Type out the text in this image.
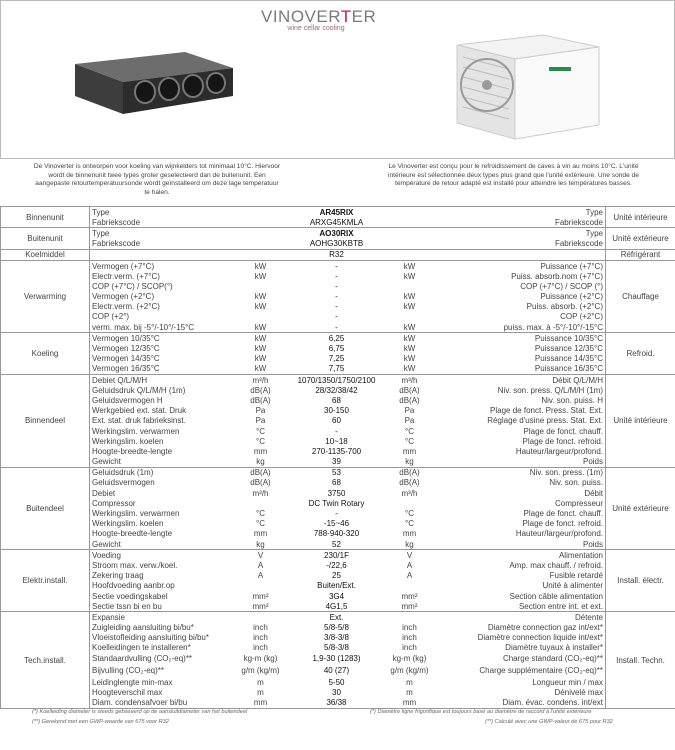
VINOVERTER
wine cellar cooling
De Vinoverter is ontworpen voor koeling van wijnkelders tot minimaal 10°C. Hiervoor wordt de binnenunit twee types groter geselecteerd dan de buitenunit. Een aangepaste retourtemperatuursonde wordt geïnstalleerd om deze lage temperatuur te halen.
Le Vinoverter est conçu pour le refroidissement de caves à vin au moins 10°C. L'unité intérieure est sélectionnée deux types plus grand que l'unité extérieure. Une sonde de température de retour adapté est installé pour atteindre les températures basses.
Binnenunit	Type		AR45RIX		Type	Unité intérieure
	Fabriekscode		ARXG45KMLA		Fabriekscode	
Buitenunit	Type		AO30RIX		Type	Unité extérieure
	Fabriekscode		AOHG30KBTB		Fabriekscode	
Koelmiddel			R32			Réfrigérant
Verwarming	Vermogen (+7°C)	kW	-	kW	Puissance (+7°C)	Chauffage
	Electr.verm. (+7°C)	kW	-	kW	Puiss. absorb.nom (+7°C)	
	COP (+7°C) / SCOP(°)		-		COP (+7°C) / SCOP (°)	
	Vermogen (+2°C)	kW	-	kW	Puissance (+2°C)	
	Electr.verm. (+2°C)	kW	-	kW	Puiss. absorb. (+2°C)	
	COP (+2°)		-		COP (+2°C)	
	verm. max. bij -5°/-10°/-15°C	kW	-	kW	puiss. max. à -5°/-10°/-15°C	
Koeling	Vermogen 10/35°C	kW	6,25	kW	Puissance 10/35°C	Refroid.
	Vermogen 12/35°C	kW	6,75	kW	Puissance 12/35°C	
	Vermogen 14/35°C	kW	7,25	kW	Puissance 14/35°C	
	Vermogen 16/35°C	kW	7,75	kW	Puissance 16/35°C	
Binnendeel	Debiet Q/L/M/H	m³/h	1070/1350/1750/2100	m³/h	Débit Q/L/M/H	Unité intérieure
	Geluidsdruk Q/L/M/H (1m)	dB(A)	28/32/38/42	dB(A)	Niv. son. press. Q/L/M/H (1m)	
	Geluidsvermogen H	dB(A)	68	dB(A)	Niv. son. puiss. H	
	Werkgebied ext. stat. Druk	Pa	30-150	Pa	Plage de fonct. Press. Stat. Ext.	
	Ext. stat. druk fabrieksinst.	Pa	60	Pa	Réglage d'usine press. Stat. Ext.	
	Werkingslim. verwarmen	°C	-	°C	Plage de fonct. chauff.	
	Werkingslim. koelen	°C	10~18	°C	Plage de fonct. refroid.	
	Hoogte-breedte-lengte	mm	270-1135-700	mm	Hauteur/largeur/profond.	
	Gewicht	kg	39	kg	Poids	
Buitendeel	Geluidsdruk (1m)	dB(A)	53	dB(A)	Niv. son. press. (1m)	Unité extérieure
	Geluidsvermogen	dB(A)	68	dB(A)	Niv. son. puiss.	
	Debiet	m³/h	3750	m³/h	Débit	
	Compressor		DC Twin Rotary		Compresseur	
	Werkingslim. verwarmen	°C	-	°C	Plage de fonct. chauff.	
	Werkingslim. koelen	°C	-15~46	°C	Plage de fonct. refroid.	
	Hoogte-breedte-lengte	mm	788-940-320	mm	Hauteur/largeur/profond.	
	Gewicht	kg	52	kg	Poids	
Elektr.install.	Voeding	V	230/1F	V	Alimentation	Install. électr.
	Stroom max. verw./koel.	A	-/22,6	A	Amp. max chauff. / refroid.	
	Zekering traag	A	25	A	Fusible retardé	
	Hoofdvoeding aanbr.op		Buiten/Ext.		Unité à alimenter	
	Sectie voedingskabel	mm²	3G4	mm²	Section câble alimentation	
	Sectie tssn bi en bu	mm²	4G1,5	mm²	Section entre int. et ext.	
Tech.install.	Expansie		Ext.		Détente	Install. Techn.
	Zuigleiding aansluiting bi/bu*	inch	5/8-5/8	inch	Diamètre connection gaz int/ext*	
	Vloeistofleiding aansluiting bi/bu*	inch	3/8-3/8	inch	Diamètre connection liquide int/ext*	
	Koelleidingen te installeren*	inch	5/8-3/8	inch	Diamètre tuyaux à installer*	
	Standaardvulling (CO₂-eq)**	kg-m (kg)	1,9-30 (1283)	kg-m (kg)	Charge standard (CO₂-eq)**	
	Bijvulling (CO₂-eq)**	g/m (kg/m)	40 (27)	g/m (kg/m)	Charge supplémentaire (CO₂-eq)**	
	Leidinglengte min-max	m	5-50	m	Longueur min / max	
	Hoogteverschil max	m	30	m	Dénivelé max	
	Diam. condensafvoer bi/bu	mm	36/38	mm	Diam. évac. condens. int/ext	
(*) Koelleiding diameter is steeds gebaseerd op de aansluitdiameter van het buitendeel	(*) Diamètre ligne frigorifique est toujours basé au diamètre de raccord à l'unité extérieure
(**) Gerekend met een GWP-waarde van 675 voor R32	(**) Calculé avec une GWP-valeur de 675 pour R32
